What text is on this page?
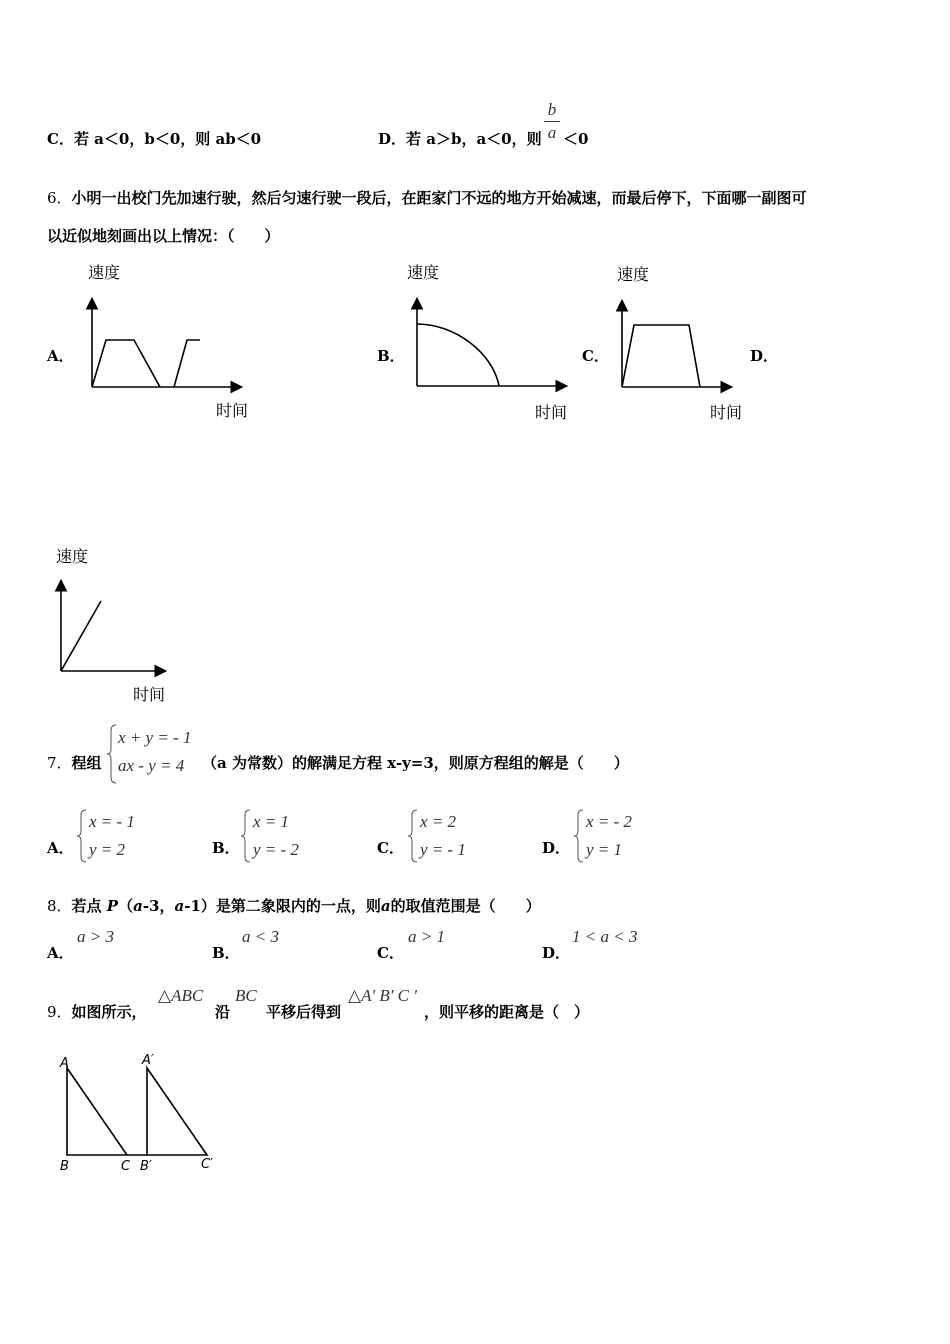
C．若 a＜0，b＜0，则 ab＜0	D．若 a＞b，a＜0，则
b
a ＜0
6．小明一出校门先加速行驶，然后匀速行驶一段后，在距家门不远的地方开始减速，而最后停下，下面哪一副图可
以近似地刻画出以上情况：（　　）
A．
速度
时间
B．
速度
时间
C．
速度
时间
D．
速度
时间
7．程组
x + y = - 1
ax - y = 4	（a 为常数）的解满足方程 x-y=3，则原方程组的解是（　　）
A．
x = - 1
y = 2	B．
x = 1
y = - 2	C．
x = 2
y = - 1	D．
x = - 2
y = 1
8．若点 P（a-3，a-1）是第二象限内的一点，则a的取值范围是（　　）
A．
a > 3
B．
a < 3
C．
a > 1
D．
1 < a < 3
9．如图所示，
△ABC
沿
BC
平移后得到
△A' B' C '
，则平移的距离是（　）
A
B	C
A′
B′	C′
